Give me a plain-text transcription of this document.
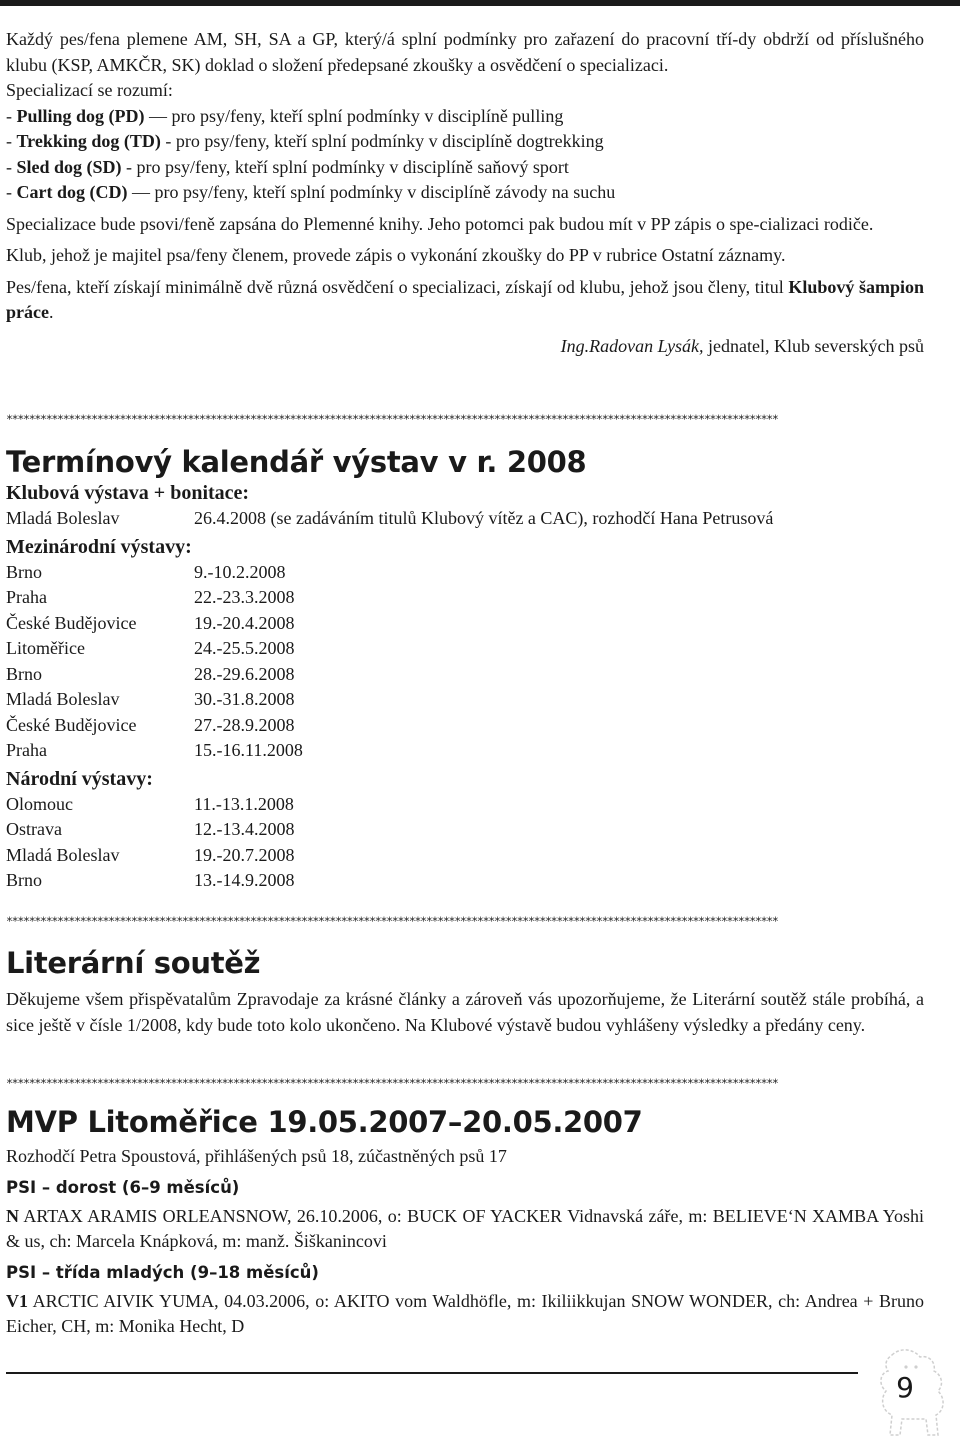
Každý pes/fena plemene AM, SH, SA a GP, který/á splní podmínky pro zařazení do pracovní tří-dy obdrží od příslušného klubu (KSP, AMKČR, SK) doklad o složení předepsané zkoušky a osvědčení o specializaci.

Specializací se rozumí:

- Pulling dog (PD) — pro psy/feny, kteří splní podmínky v disciplíně pulling

- Trekking dog (TD) - pro psy/feny, kteří splní podmínky v disciplíně dogtrekking

- Sled dog (SD) - pro psy/feny, kteří splní podmínky v disciplíně saňový sport

- Cart dog (CD) — pro psy/feny, kteří splní podmínky v disciplíně závody na suchu

Specializace bude psovi/feně zapsána do Plemenné knihy. Jeho potomci pak budou mít v PP zápis o spe-cializaci rodiče.

Klub, jehož je majitel psa/feny členem, provede zápis o vykonání zkoušky do PP v rubrice Ostatní záznamy.

Pes/fena, kteří získají minimálně dvě různá osvědčení o specializaci, získají od klubu, jehož jsou členy, titul Klubový šampion práce.

Ing.Radovan Lysák, jednatel, Klub severských psů
****************************************************************************************************************************************
Termínový kalendář výstav v r. 2008
Klubová výstava + bonitace:
Mladá Boleslav	26.4.2008 (se zadáváním titulů Klubový vítěz a CAC), rozhodčí Hana Petrusová
Mezinárodní výstavy:
Brno	9.-10.2.2008
Praha	22.-23.3.2008
České Budějovice	19.-20.4.2008
Litoměřice	24.-25.5.2008
Brno	28.-29.6.2008
Mladá Boleslav	30.-31.8.2008
České Budějovice	27.-28.9.2008
Praha	15.-16.11.2008
Národní výstavy:
Olomouc	11.-13.1.2008
Ostrava	12.-13.4.2008
Mladá Boleslav	19.-20.7.2008
Brno	13.-14.9.2008
****************************************************************************************************************************************
Literární soutěž

Děkujeme všem přispěvatalům Zpravodaje za krásné články a zároveň vás upozorňujeme, že Literární soutěž stále probíhá, a sice ještě v čísle 1/2008, kdy bude toto kolo ukončeno. Na Klubové výstavě budou vyhlášeny výsledky a předány ceny.

****************************************************************************************************************************************
MVP Litoměřice 19.05.2007–20.05.2007

Rozhodčí Petra Spoustová, přihlášených psů 18, zúčastněných psů 17

PSI – dorost (6–9 měsíců)

N ARTAX ARAMIS ORLEANSNOW, 26.10.2006, o: BUCK OF YACKER Vidnavská záře, m: BELIEVE‘N XAMBA Yoshi & us, ch: Marcela Knápková, m: manž. Šiškanincovi

PSI – třída mladých (9–18 měsíců)

V1 ARCTIC AIVIK YUMA, 04.03.2006, o: AKITO vom Waldhöfle, m: Ikiliikkujan SNOW WONDER, ch: Andrea + Bruno Eicher, CH, m: Monika Hecht, D

9
